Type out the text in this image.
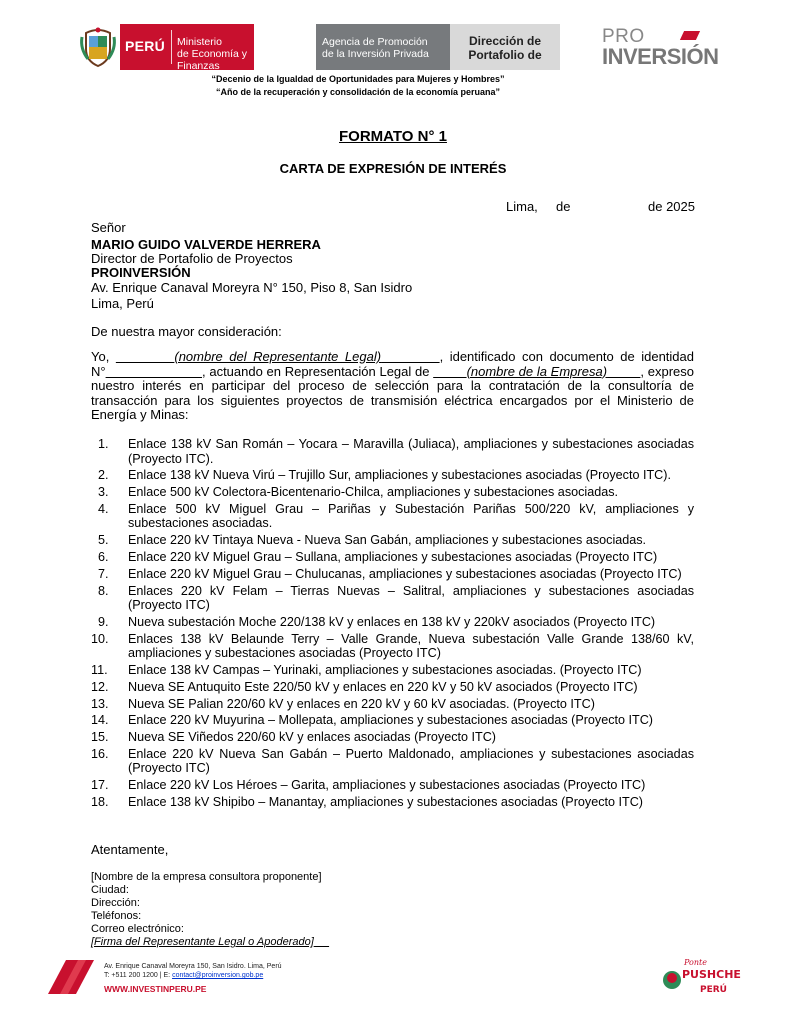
PERÚ Ministerio
de Economía y Finanzas
Agencia de Promoción
de la Inversión Privada
Dirección de
Portafolio de
PRO
INVERSIÓN
“Decenio de la Igualdad de Oportunidades para Mujeres y Hombres”
“Año de la recuperación y consolidación de la economía peruana”
FORMATO N° 1
CARTA DE EXPRESIÓN DE INTERÉS
Lima, de	de 2025
Señor
MARIO GUIDO VALVERDE HERRERA
Director de Portafolio de Proyectos
PROINVERSIÓN
Av. Enrique Canaval Moreyra N° 150, Piso 8, San Isidro
Lima, Perú
De nuestra mayor consideración:
Yo,	(nombre del Representante Legal)	, identificado con documento de identidad N°	, actuando en Representación Legal de	(nombre de la Empresa)	, expreso nuestro interés en participar del proceso de selección para la contratación de la consultoría de transacción para los siguientes proyectos de transmisión eléctrica encargados por el Ministerio de Energía y Minas:
1. Enlace 138 kV San Román – Yocara – Maravilla (Juliaca), ampliaciones y subestaciones asociadas (Proyecto ITC).
2. Enlace 138 kV Nueva Virú – Trujillo Sur, ampliaciones y subestaciones asociadas (Proyecto ITC).
3. Enlace 500 kV Colectora-Bicentenario-Chilca, ampliaciones y subestaciones asociadas.
4. Enlace 500 kV Miguel Grau – Pariñas y Subestación Pariñas 500/220 kV, ampliaciones y subestaciones asociadas.
5. Enlace 220 kV Tintaya Nueva - Nueva San Gabán, ampliaciones y subestaciones asociadas.
6. Enlace 220 kV Miguel Grau – Sullana, ampliaciones y subestaciones asociadas (Proyecto ITC)
7. Enlace 220 kV Miguel Grau – Chulucanas, ampliaciones y subestaciones asociadas (Proyecto ITC)
8. Enlaces 220 kV Felam – Tierras Nuevas – Salitral, ampliaciones y subestaciones asociadas (Proyecto ITC)
9. Nueva subestación Moche 220/138 kV y enlaces en 138 kV y 220kV asociados (Proyecto ITC)
10. Enlaces 138 kV Belaunde Terry – Valle Grande, Nueva subestación Valle Grande 138/60 kV, ampliaciones y subestaciones asociadas (Proyecto ITC)
11. Enlace 138 kV Campas – Yurinaki, ampliaciones y subestaciones asociadas. (Proyecto ITC)
12. Nueva SE Antuquito Este 220/50 kV y enlaces en 220 kV y 50 kV asociados (Proyecto ITC)
13. Nueva SE Palian 220/60 kV y enlaces en 220 kV y 60 kV asociadas. (Proyecto ITC)
14. Enlace 220 kV Muyurina – Mollepata, ampliaciones y subestaciones asociadas (Proyecto ITC)
15. Nueva SE Viñedos 220/60 kV y enlaces asociadas (Proyecto ITC)
16. Enlace 220 kV Nueva San Gabán – Puerto Maldonado, ampliaciones y subestaciones asociadas (Proyecto ITC)
17. Enlace 220 kV Los Héroes – Garita, ampliaciones y subestaciones asociadas (Proyecto ITC)
18. Enlace 138 kV Shipibo – Manantay, ampliaciones y subestaciones asociadas (Proyecto ITC)
Atentamente,
[Nombre de la empresa consultora proponente]
Ciudad:
Dirección:
Teléfonos:
Correo electrónico:
[Firma del Representante Legal o Apoderado]
Av. Enrique Canaval Moreyra 150, San Isidro. Lima, Perú
T: +511 200 1200 | E: contact@proinversion.gob.pe
WWW.INVESTINPERU.PE
Ponte
PUSHCHE
PERÚ
